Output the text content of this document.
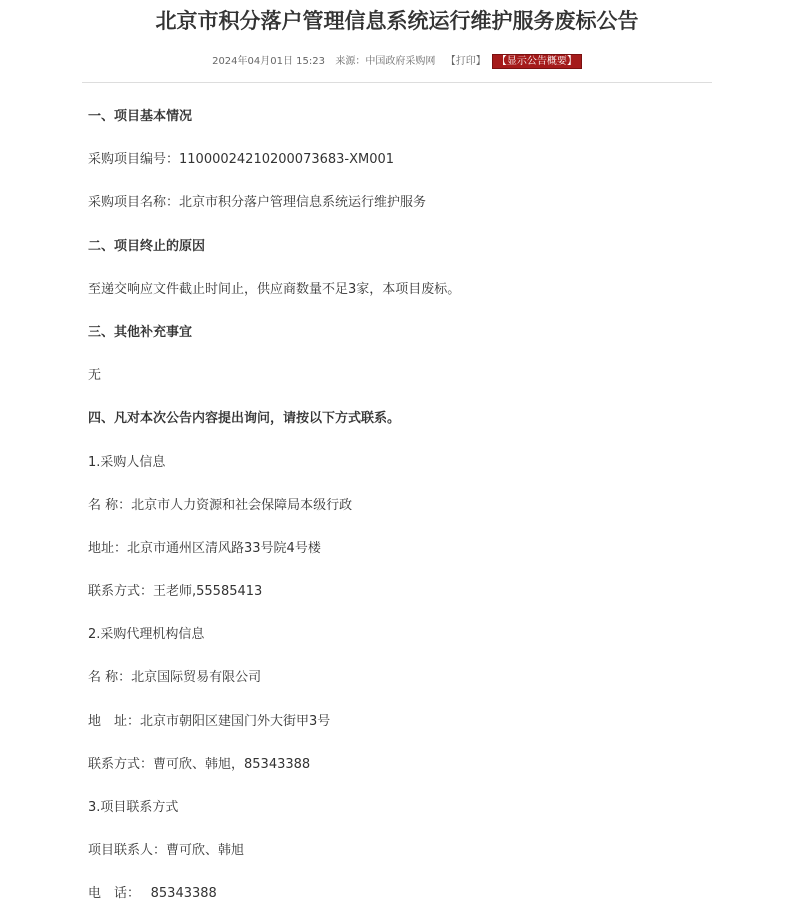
北京市积分落户管理信息系统运行维护服务废标公告
2024年04月01日 15:23 来源：中国政府采购网 【打印】 【显示公告概要】

一、项目基本情况

采购项目编号：11000024210200073683-XM001

采购项目名称：北京市积分落户管理信息系统运行维护服务

二、项目终止的原因

至递交响应文件截止时间止，供应商数量不足3家，本项目废标。

三、其他补充事宜

无

四、凡对本次公告内容提出询问，请按以下方式联系。

1.采购人信息

名 称：北京市人力资源和社会保障局本级行政

地址：北京市通州区清风路33号院4号楼

联系方式：王老师,55585413

2.采购代理机构信息

名 称：北京国际贸易有限公司

地　址：北京市朝阳区建国门外大街甲3号

联系方式：曹可欣、韩旭，85343388

3.项目联系方式

项目联系人：曹可欣、韩旭

电　话：　 85343388
